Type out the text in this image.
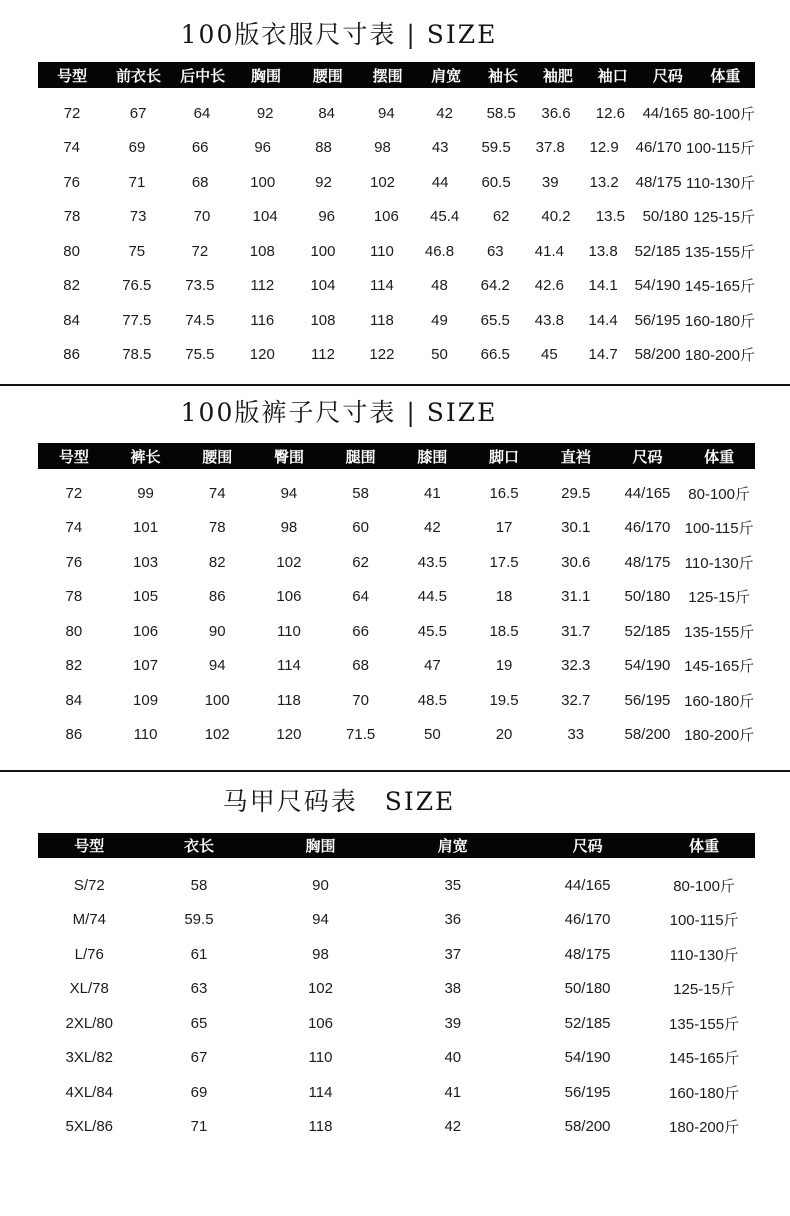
100版衣服尺寸表 | SIZE
号型 前衣长 后中长 胸围 腰围 摆围 肩宽 袖长 袖肥 袖口 尺码 体重
72	67	64	92	84	94	42 58.5 36.6 12.6 44/165 80-100斤
74	69	66	96	88	98	43 59.5 37.8 12.9 46/170 100-115斤
76	71	68	100	92	102 44 60.5 39 13.2 48/175 110-130斤
78	73	70	104	96	106 45.4 62 40.2 13.5 50/180 125-15斤
80	75	72	108 100 110 46.8 63 41.4 13.8 52/185 135-155斤
82	76.5 73.5 112 104 114 48 64.2 42.6 14.1 54/190 145-165斤
84	77.5 74.5 116 108 118 49 65.5 43.8 14.4 56/195 160-180斤
86	78.5 75.5 120 112 122 50 66.5 45 14.7 58/200 180-200斤
100版裤子尺寸表 | SIZE
号型	裤长	腰围	臀围	腿围	膝围	脚口	直裆	尺码	体重
72	99	74	94	58	41	16.5	29.5 44/165 80-100斤
74	101	78	98	60	42	17	30.1 46/170 100-115斤
76	103	82	102	62	43.5	17.5	30.6 48/175 110-130斤
78	105	86	106	64	44.5	18	31.1 50/180 125-15斤
80	106	90	110	66	45.5	18.5	31.7 52/185 135-155斤
82	107	94	114	68	47	19	32.3 54/190 145-165斤
84	109	100	118	70	48.5	19.5	32.7 56/195 160-180斤
86	110	102	120	71.5	50	20	33	58/200 180-200斤
马甲尺码表　SIZE
号型	衣长	胸围	肩宽	尺码	体重
S/72	58	90	35	44/165	80-100斤
M/74	59.5	94	36	46/170	100-115斤
L/76	61	98	37	48/175	110-130斤
XL/78	63	102	38	50/180	125-15斤
2XL/80	65	106	39	52/185	135-155斤
3XL/82	67	110	40	54/190	145-165斤
4XL/84	69	114	41	56/195	160-180斤
5XL/86	71	118	42	58/200	180-200斤
